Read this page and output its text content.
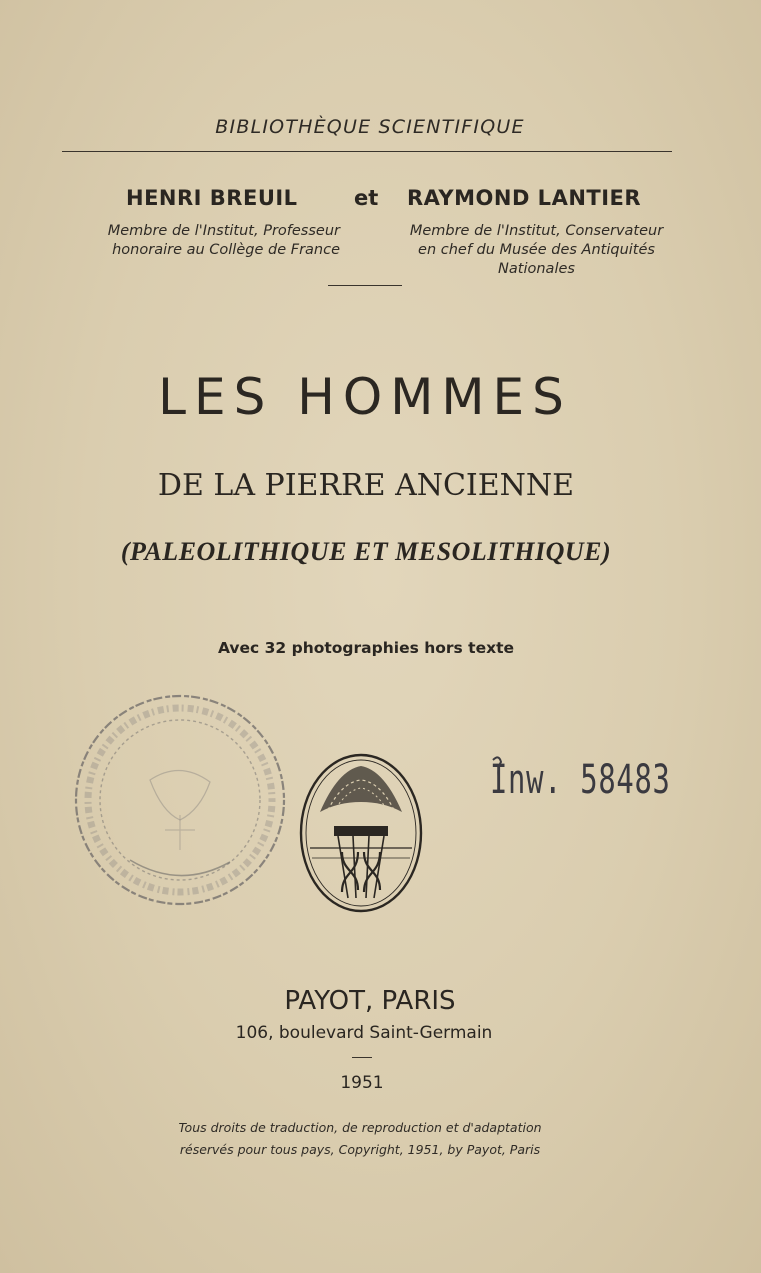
BIBLIOTHÈQUE SCIENTIFIQUE
HENRI BREUIL	et RAYMOND LANTIER
Membre de l'Institut, Professeur
honoraire au Collège de France
Membre de l'Institut, Conservateur
en chef du Musée des Antiquités
Nationales
LES HOMMES
DE LA PIERRE ANCIENNE
(PALEOLITHIQUE ET MESOLITHIQUE)
Avec 32 photographies hors texte
Inw. 58483
PAYOT, PARIS
106, boulevard Saint-Germain
1951
Tous droits de traduction, de reproduction et d'adaptation
réservés pour tous pays, Copyright, 1951, by Payot, Paris
